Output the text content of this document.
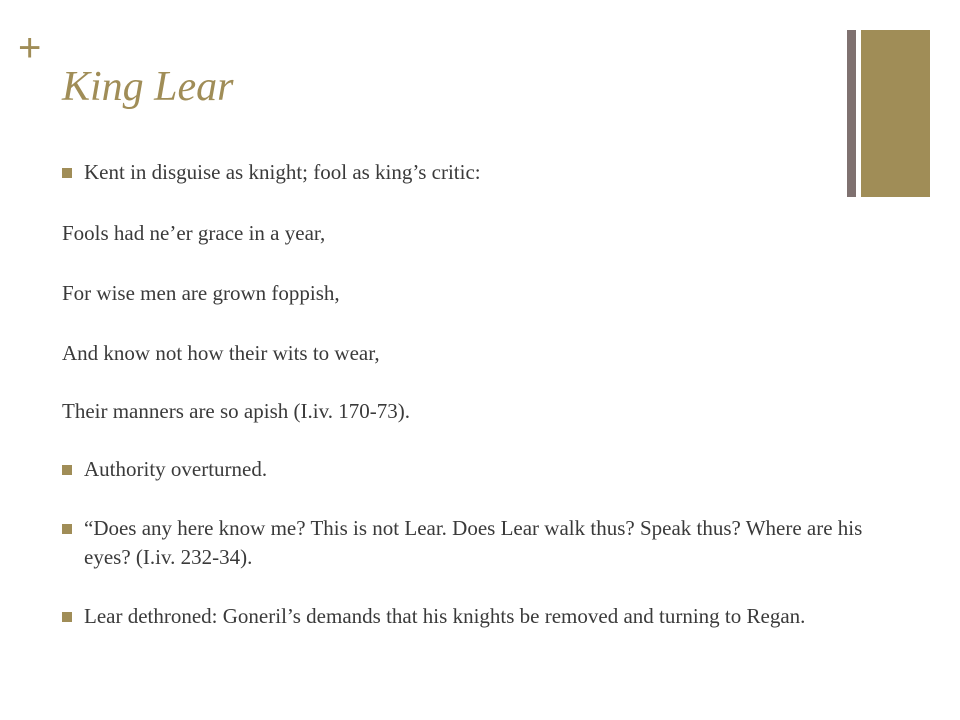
+
King Lear
Kent in disguise as knight; fool as king’s critic:
Fools had ne’er grace in a year,
For wise men are grown foppish,
And know not how their wits to wear,
Their manners are so apish (I.iv. 170-73).
Authority overturned.
“Does any here know me? This is not Lear. Does Lear walk thus? Speak thus? Where are his eyes? (I.iv. 232-34).
Lear dethroned: Goneril’s demands that his knights be removed and turning to Regan.
